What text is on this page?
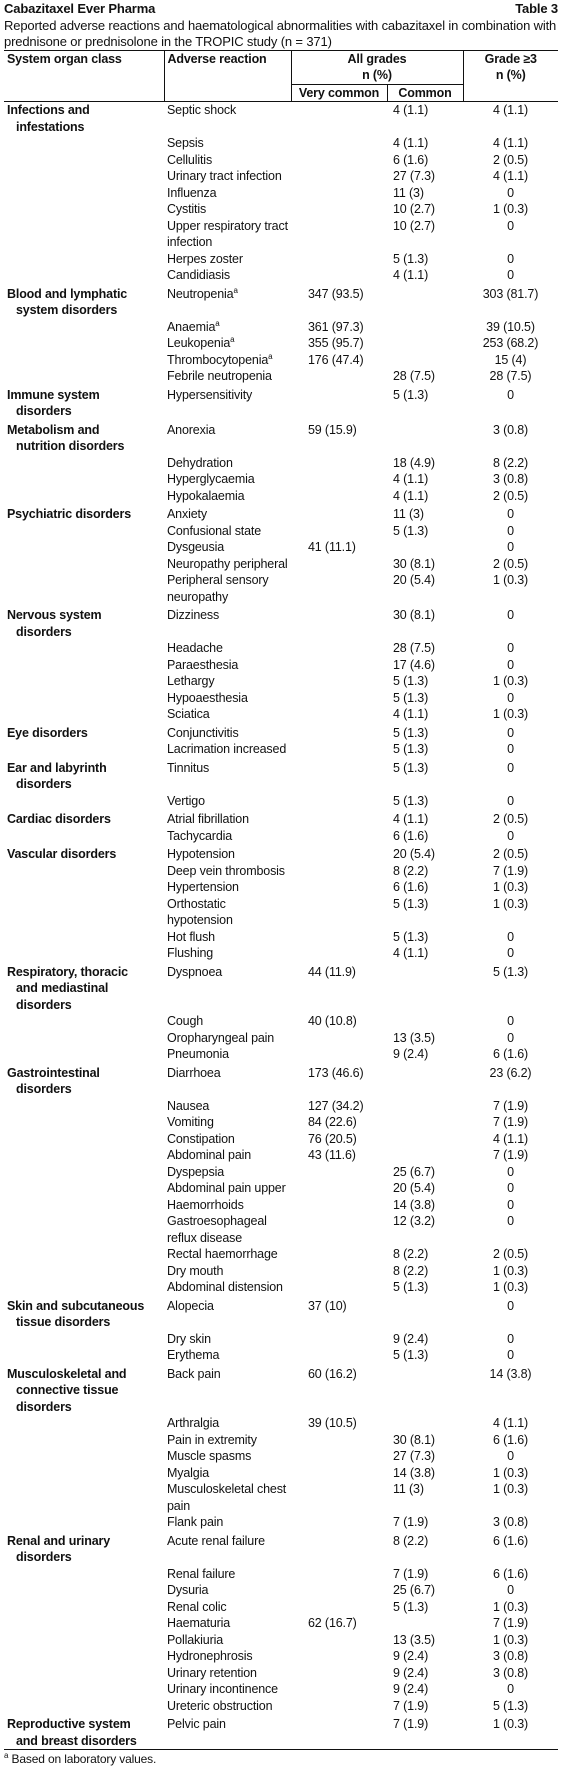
Cabazitaxel Ever Pharma	Table 3
Reported adverse reactions and haematological abnormalities with cabazitaxel in combination with prednisone or prednisolone in the TROPIC study (n = 371)
System organ class	Adverse reaction	All grades
n (%)		Grade ≥3
n (%)
		Very common	Common	

Infections and
infestations	Septic shock		4 (1.1)	4 (1.1)
	Sepsis		4 (1.1)	4 (1.1)
	Cellulitis		6 (1.6)	2 (0.5)
	Urinary tract infection		27 (7.3)	4 (1.1)
	Influenza		11 (3)	0
	Cystitis		10 (2.7)	1 (0.3)
	Upper respiratory tract infection		10 (2.7)	0
	Herpes zoster		5 (1.3)	0
	Candidiasis		4 (1.1)	0

Blood and lymphatic
system disorders	Neutropenia$^a$	347 (93.5)		303 (81.7)
	Anaemia$^a$	361 (97.3)		39 (10.5)
	Leukopenia$^a$	355 (95.7)		253 (68.2)
	Thrombocytopenia$^a$	176 (47.4)		15 (4)
	Febrile neutropenia		28 (7.5)	28 (7.5)

Immune system
disorders	Hypersensitivity		5 (1.3)	0

Metabolism and
nutrition disorders	Anorexia	59 (15.9)		3 (0.8)
	Dehydration		18 (4.9)	8 (2.2)
	Hyperglycaemia		4 (1.1)	3 (0.8)
	Hypokalaemia		4 (1.1)	2 (0.5)

Psychiatric disorders	Anxiety		11 (3)	0
	Confusional state		5 (1.3)	0
	Dysgeusia	41 (11.1)		0
	Neuropathy peripheral		30 (8.1)	2 (0.5)
	Peripheral sensory neuropathy		20 (5.4)	1 (0.3)

Nervous system
disorders	Dizziness		30 (8.1)	0
	Headache		28 (7.5)	0
	Paraesthesia		17 (4.6)	0
	Lethargy		5 (1.3)	1 (0.3)
	Hypoaesthesia		5 (1.3)	0
	Sciatica		4 (1.1)	1 (0.3)

Eye disorders	Conjunctivitis		5 (1.3)	0
	Lacrimation increased		5 (1.3)	0

Ear and labyrinth
disorders	Tinnitus		5 (1.3)	0
	Vertigo		5 (1.3)	0

Cardiac disorders	Atrial fibrillation		4 (1.1)	2 (0.5)
	Tachycardia		6 (1.6)	0

Vascular disorders	Hypotension		20 (5.4)	2 (0.5)
	Deep vein thrombosis		8 (2.2)	7 (1.9)
	Hypertension		6 (1.6)	1 (0.3)
	Orthostatic hypotension		5 (1.3)	1 (0.3)
	Hot flush		5 (1.3)	0
	Flushing		4 (1.1)	0

Respiratory, thoracic
and mediastinal
disorders	Dyspnoea	44 (11.9)		5 (1.3)
	Cough	40 (10.8)		0
	Oropharyngeal pain		13 (3.5)	0
	Pneumonia		9 (2.4)	6 (1.6)

Gastrointestinal
disorders	Diarrhoea	173 (46.6)		23 (6.2)
	Nausea	127 (34.2)		7 (1.9)
	Vomiting	84 (22.6)		7 (1.9)
	Constipation	76 (20.5)		4 (1.1)
	Abdominal pain	43 (11.6)		7 (1.9)
	Dyspepsia		25 (6.7)	0
	Abdominal pain upper		20 (5.4)	0
	Haemorrhoids		14 (3.8)	0
	Gastroesophageal reflux disease		12 (3.2)	0
	Rectal haemorrhage		8 (2.2)	2 (0.5)
	Dry mouth		8 (2.2)	1 (0.3)
	Abdominal distension		5 (1.3)	1 (0.3)

Skin and subcutaneous
tissue disorders	Alopecia	37 (10)		0
	Dry skin		9 (2.4)	0
	Erythema		5 (1.3)	0

Musculoskeletal and
connective tissue
disorders	Back pain	60 (16.2)		14 (3.8)
	Arthralgia	39 (10.5)		4 (1.1)
	Pain in extremity		30 (8.1)	6 (1.6)
	Muscle spasms		27 (7.3)	0
	Myalgia		14 (3.8)	1 (0.3)
	Musculoskeletal chest pain		11 (3)	1 (0.3)
	Flank pain		7 (1.9)	3 (0.8)

Renal and urinary
disorders	Acute renal failure		8 (2.2)	6 (1.6)
	Renal failure		7 (1.9)	6 (1.6)
	Dysuria		25 (6.7)	0
	Renal colic		5 (1.3)	1 (0.3)
	Haematuria	62 (16.7)		7 (1.9)
	Pollakiuria		13 (3.5)	1 (0.3)
	Hydronephrosis		9 (2.4)	3 (0.8)
	Urinary retention		9 (2.4)	3 (0.8)
	Urinary incontinence		9 (2.4)	0
	Ureteric obstruction		7 (1.9)	5 (1.3)

Reproductive system
and breast disorders	Pelvic pain		7 (1.9)	1 (0.3)
$^a$ Based on laboratory values.
